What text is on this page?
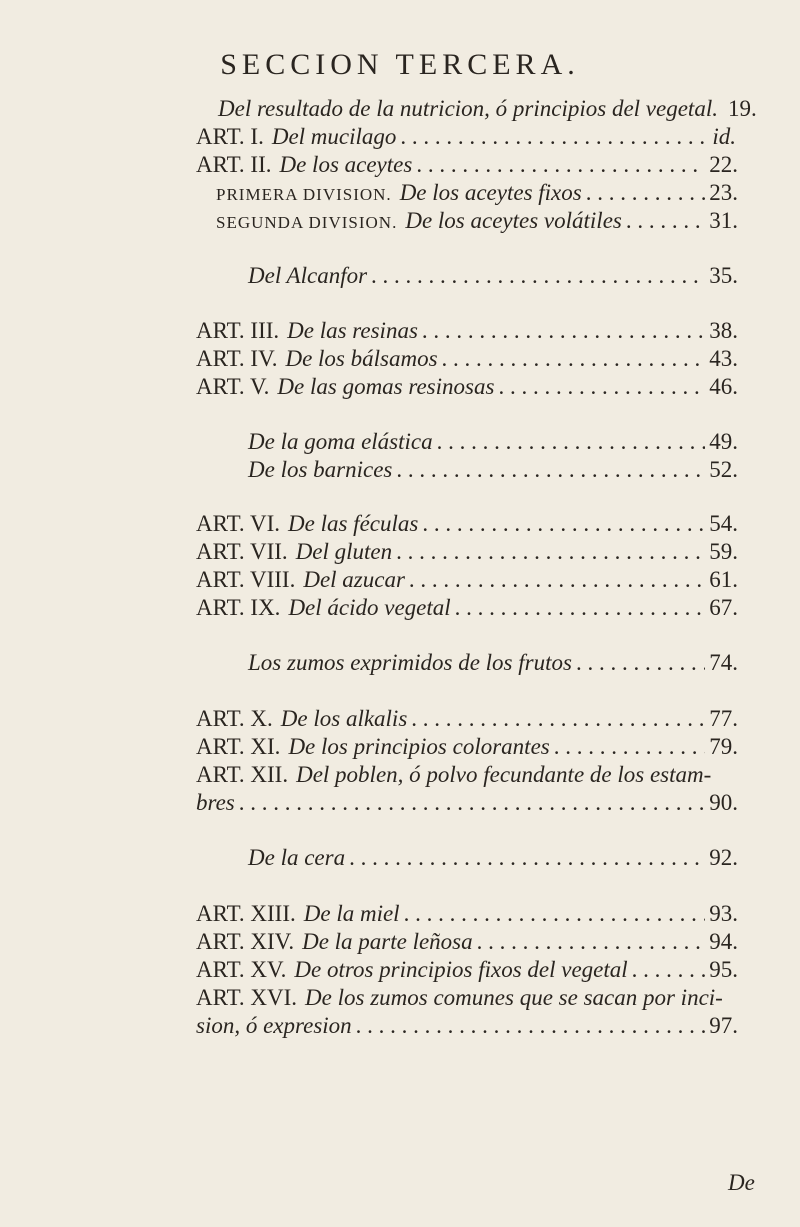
SECCION TERCERA.
Del resultado de la nutricion, ó principios del vegetal. 19.
ART. I. Del mucilago . . .	id.
ART. II. De los aceytes . . .	22.
PRIMERA DIVISION. De los aceytes fixos . . .	23.
SEGUNDA DIVISION. De los aceytes volátiles . . .	31.
Del Alcanfor . . .	35.
ART. III. De las resinas . . .	38.
ART. IV. De los bálsamos . . .	43.
ART. V. De las gomas resinosas . . .	46.
De la goma elástica . . .	49.
De los barnices . . .	52.
ART. VI. De las féculas . . .	54.
ART. VII. Del gluten . . .	59.
ART. VIII. Del azucar . . .	61.
ART. IX. Del ácido vegetal . . .	67.
Los zumos exprimidos de los frutos . . .	74.
ART. X. De los alkalis . . .	77.
ART. XI. De los principios colorantes . . .	79.
ART. XII. Del poblen, ó polvo fecundante de los estam-
bres . . .	90.
De la cera . . .	92.
ART. XIII. De la miel . . .	93.
ART. XIV. De la parte leñosa . . .	94.
ART. XV. De otros principios fixos del vegetal . . .	95.
ART. XVI. De los zumos comunes que se sacan por inci-
sion, ó expresion . . .	97.
De
